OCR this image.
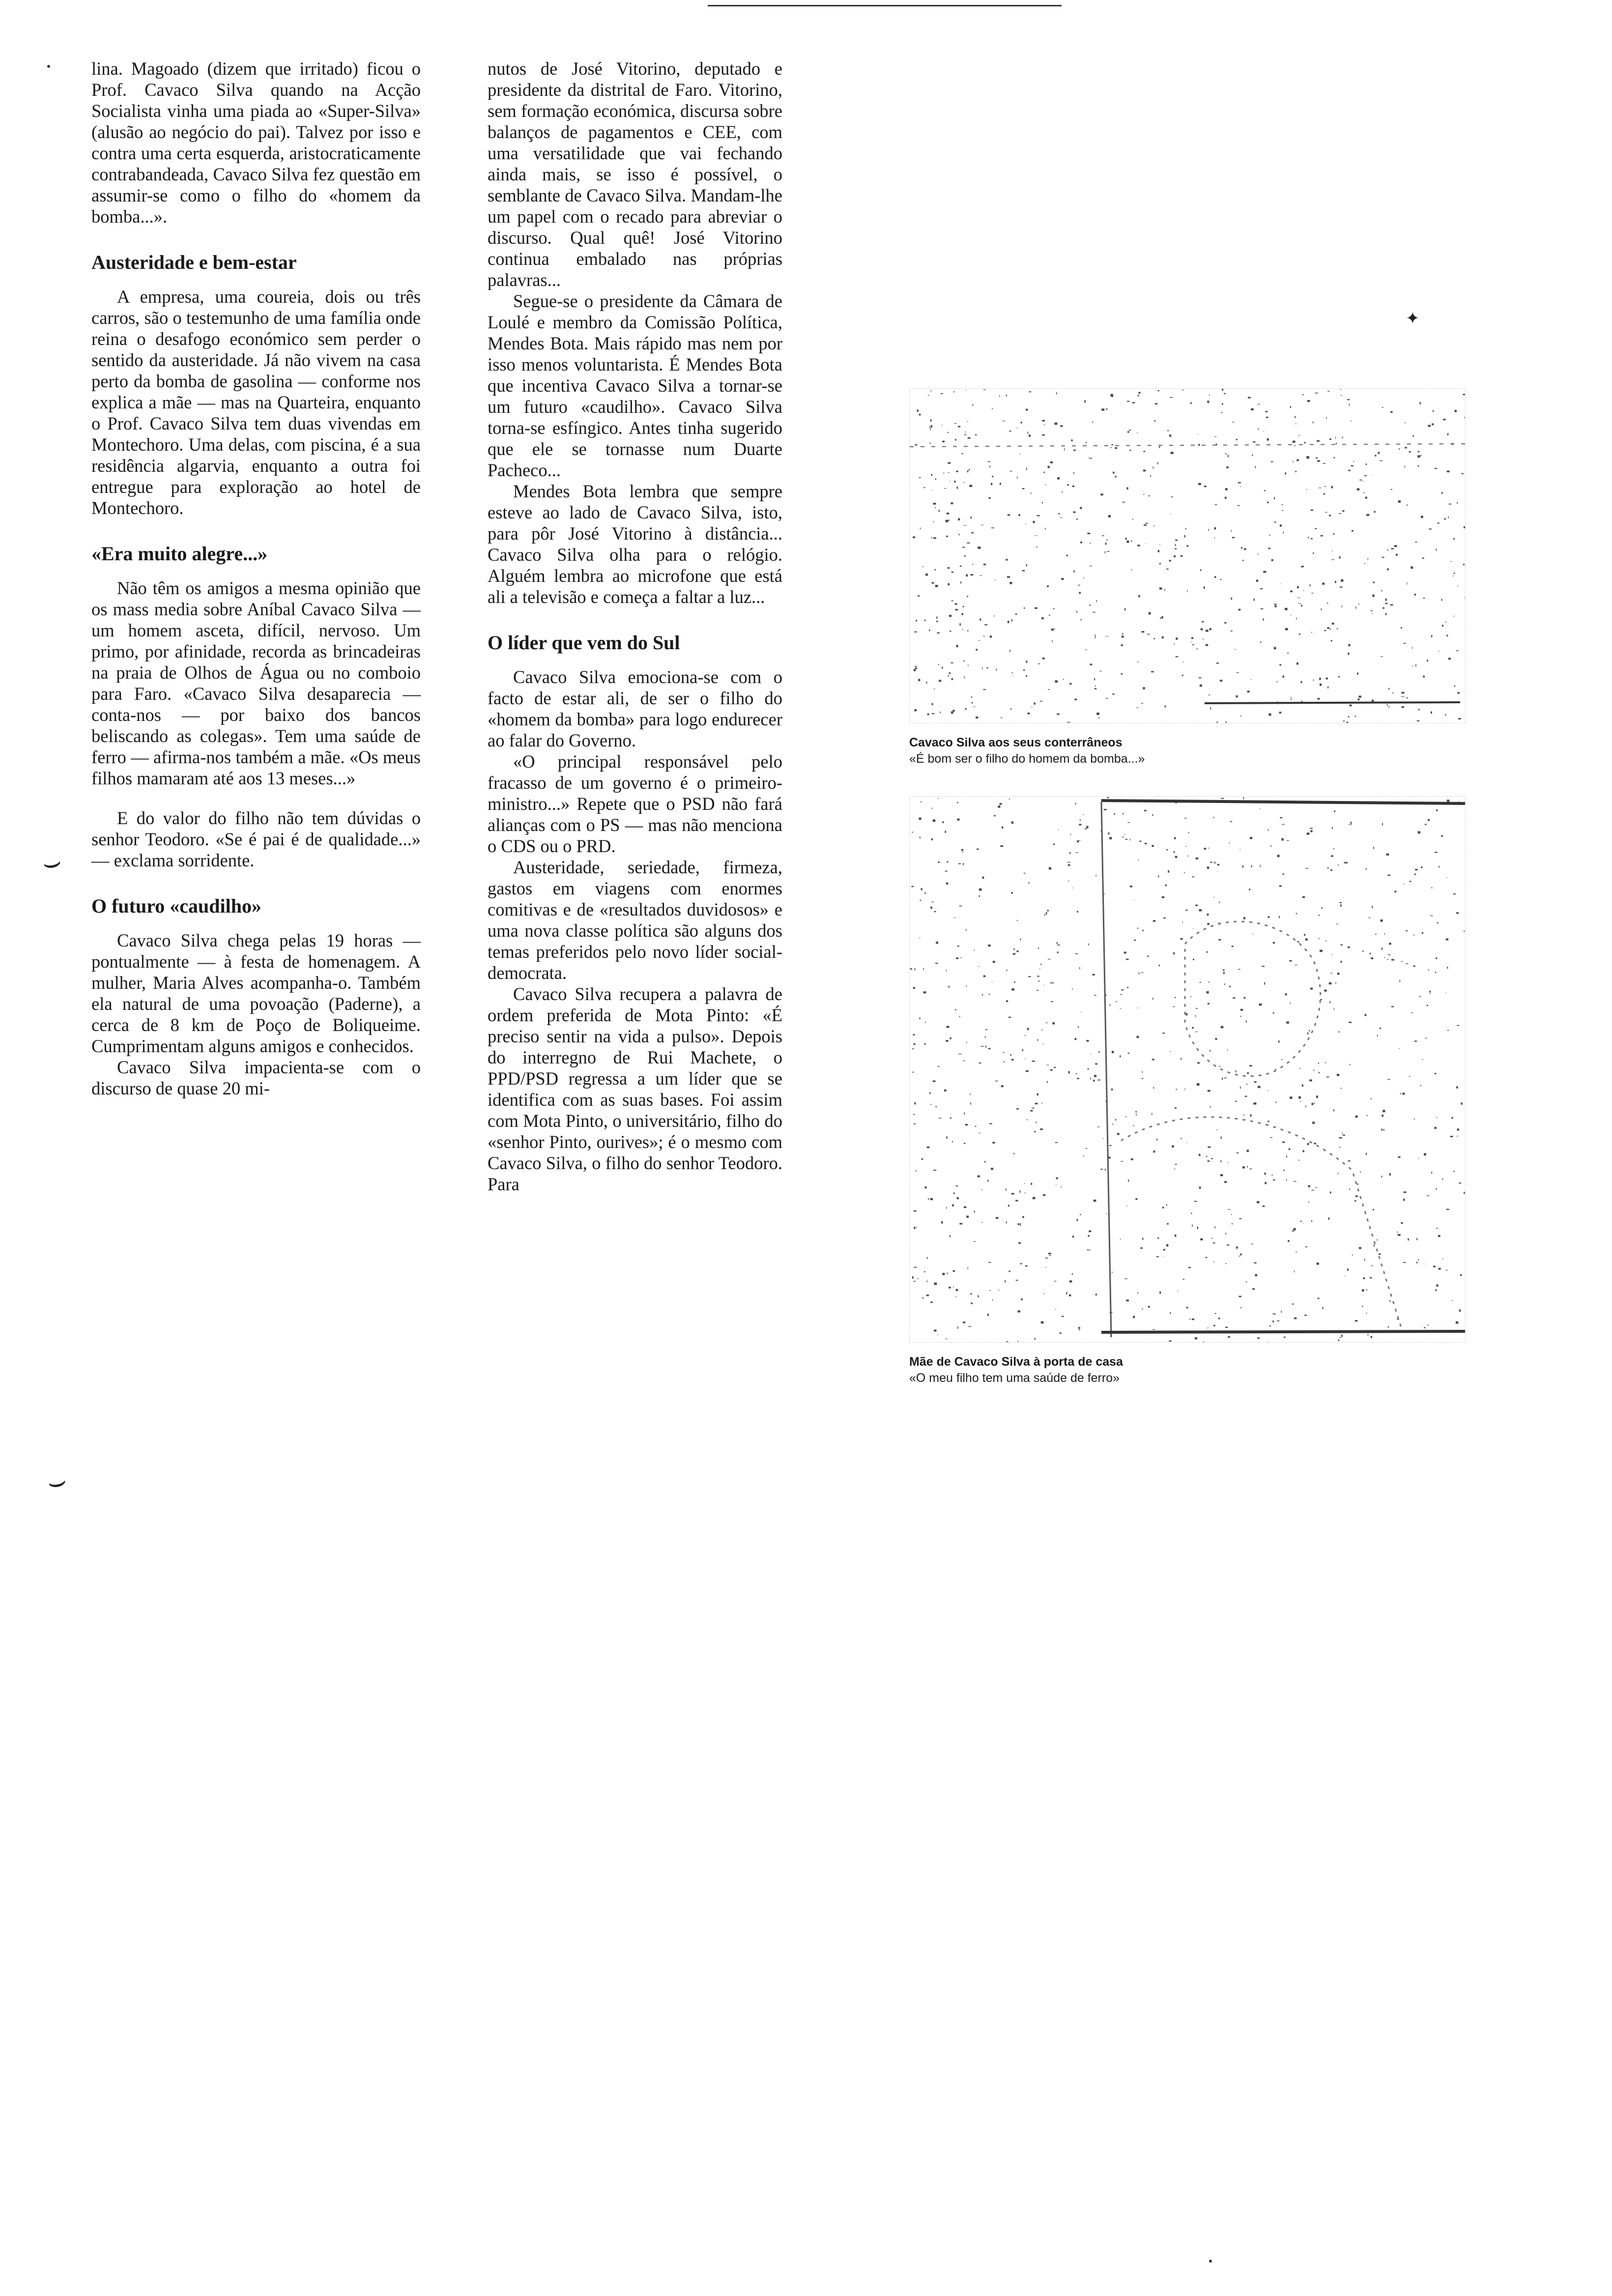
lina. Magoado (dizem que irritado) ficou o Prof. Cavaco Silva quando na Acção Socialista vinha uma piada ao «Super-Silva» (alusão ao negócio do pai). Talvez por isso e contra uma certa esquerda, aristocraticamente contrabandeada, Cavaco Silva fez questão em assumir-se como o filho do «homem da bomba...».

Austeridade e bem-estar

A empresa, uma coureia, dois ou três carros, são o testemunho de uma família onde reina o desafogo económico sem perder o sentido da austeridade. Já não vivem na casa perto da bomba de gasolina — conforme nos explica a mãe — mas na Quarteira, enquanto o Prof. Cavaco Silva tem duas vivendas em Montechoro. Uma delas, com piscina, é a sua residência algarvia, enquanto a outra foi entregue para exploração ao hotel de Montechoro.

«Era muito alegre...»

Não têm os amigos a mesma opinião que os mass media sobre Aníbal Cavaco Silva — um homem asceta, difícil, nervoso. Um primo, por afinidade, recorda as brincadeiras na praia de Olhos de Água ou no comboio para Faro. «Cavaco Silva desaparecia — conta-nos — por baixo dos bancos beliscando as colegas». Tem uma saúde de ferro — afirma-nos também a mãe. «Os meus filhos mamaram até aos 13 meses...»

E do valor do filho não tem dúvidas o senhor Teodoro. «Se é pai é de qualidade...» — exclama sorridente.

O futuro «caudilho»

Cavaco Silva chega pelas 19 horas — pontualmente — à festa de homenagem. A mulher, Maria Alves acompanha-o. Também ela natural de uma povoação (Paderne), a cerca de 8 km de Poço de Boliqueime. Cumprimentam alguns amigos e conhecidos.

Cavaco Silva impacienta-se com o discurso de quase 20 mi-

nutos de José Vitorino, deputado e presidente da distrital de Faro. Vitorino, sem formação económica, discursa sobre balanços de pagamentos e CEE, com uma versatilidade que vai fechando ainda mais, se isso é possível, o semblante de Cavaco Silva. Mandam-lhe um papel com o recado para abreviar o discurso. Qual quê! José Vitorino continua embalado nas próprias palavras...

Segue-se o presidente da Câmara de Loulé e membro da Comissão Política, Mendes Bota. Mais rápido mas nem por isso menos voluntarista. É Mendes Bota que incentiva Cavaco Silva a tornar-se um futuro «caudilho». Cavaco Silva torna-se esfíngico. Antes tinha sugerido que ele se tornasse num Duarte Pacheco...

Mendes Bota lembra que sempre esteve ao lado de Cavaco Silva, isto, para pôr José Vitorino à distância... Cavaco Silva olha para o relógio. Alguém lembra ao microfone que está ali a televisão e começa a faltar a luz...

O líder que vem do Sul

Cavaco Silva emociona-se com o facto de estar ali, de ser o filho do «homem da bomba» para logo endurecer ao falar do Governo.

«O principal responsável pelo fracasso de um governo é o primeiro-ministro...» Repete que o PSD não fará alianças com o PS — mas não menciona o CDS ou o PRD.

Austeridade, seriedade, firmeza, gastos em viagens com enormes comitivas e de «resultados duvidosos» e uma nova classe política são alguns dos temas preferidos pelo novo líder social-democrata.

Cavaco Silva recupera a palavra de ordem preferida de Mota Pinto: «É preciso sentir na vida a pulso». Depois do interregno de Rui Machete, o PPD/PSD regressa a um líder que se identifica com as suas bases. Foi assim com Mota Pinto, o universitário, filho do «senhor Pinto, ourives»; é o mesmo com Cavaco Silva, o filho do senhor Teodoro. Para

Cavaco Silva aos seus conterrâneos
«É bom ser o filho do homem da bomba...»
Mãe de Cavaco Silva à porta de casa
«O meu filho tem uma saúde de ferro»
⌣
⌣
✦
